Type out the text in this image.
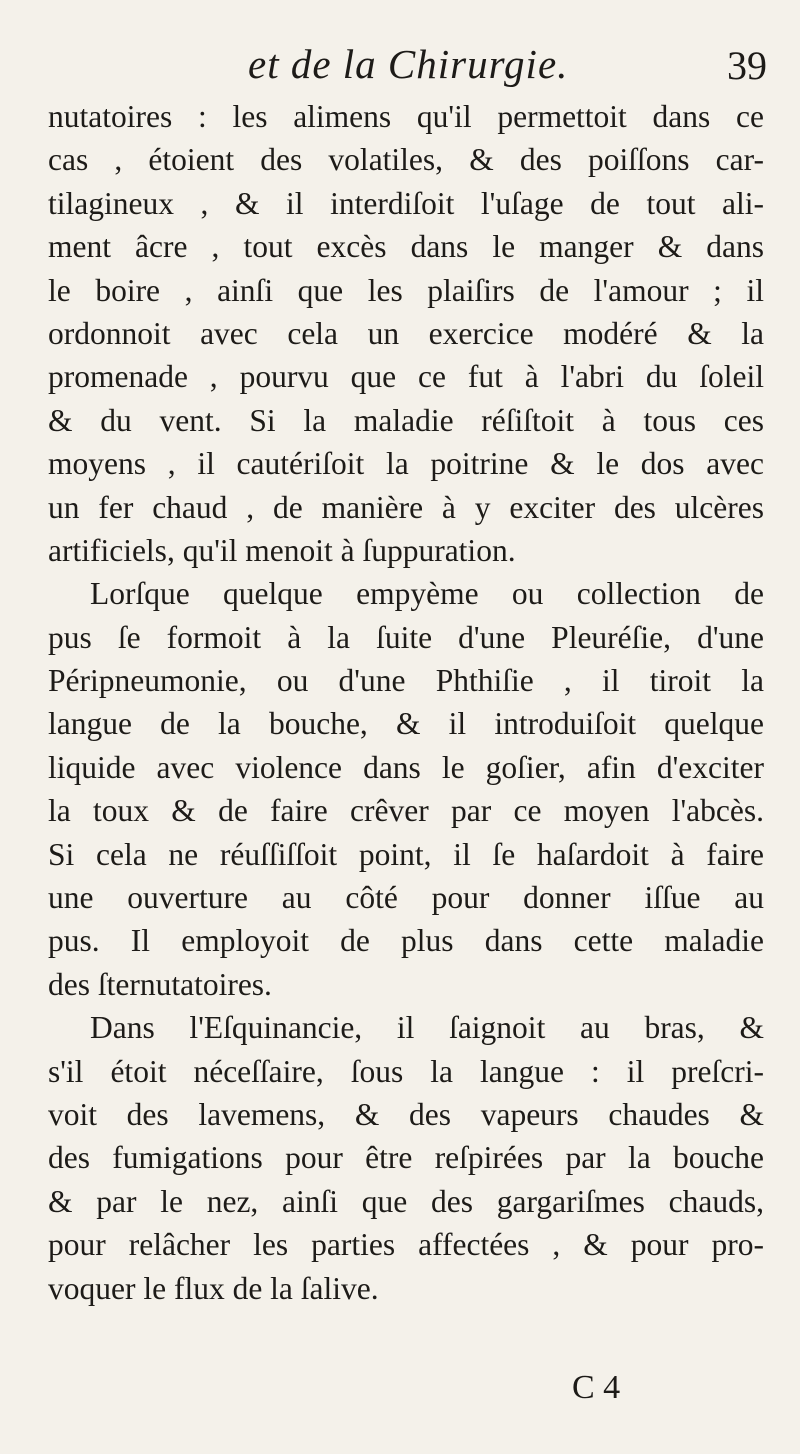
et de la Chirurgie.	39
nutatoires : les alimens qu'il permettoit dans ce
cas , étoient des volatiles, & des poiſſons car-
tilagineux , & il interdiſoit l'uſage de tout ali-
ment âcre , tout excès dans le manger & dans
le boire , ainſi que les plaiſirs de l'amour ; il
ordonnoit avec cela un exercice modéré & la
promenade , pourvu que ce fut à l'abri du ſoleil
& du vent. Si la maladie réſiſtoit à tous ces
moyens , il cautériſoit la poitrine & le dos avec
un fer chaud , de manière à y exciter des ulcères
artificiels, qu'il menoit à ſuppuration.
Lorſque quelque empyème ou collection de
pus ſe formoit à la ſuite d'une Pleuréſie, d'une
Péripneumonie, ou d'une Phthiſie , il tiroit la
langue de la bouche, & il introduiſoit quelque
liquide avec violence dans le goſier, afin d'exciter
la toux & de faire crêver par ce moyen l'abcès.
Si cela ne réuſſiſſoit point, il ſe haſardoit à faire
une ouverture au côté pour donner iſſue au
pus. Il employoit de plus dans cette maladie
des ſternutatoires.
Dans l'Eſquinancie, il ſaignoit au bras, &
s'il étoit néceſſaire, ſous la langue : il preſcri-
voit des lavemens, & des vapeurs chaudes &
des fumigations pour être reſpirées par la bouche
& par le nez, ainſi que des gargariſmes chauds,
pour relâcher les parties affectées , & pour pro-
voquer le flux de la ſalive.
C 4
